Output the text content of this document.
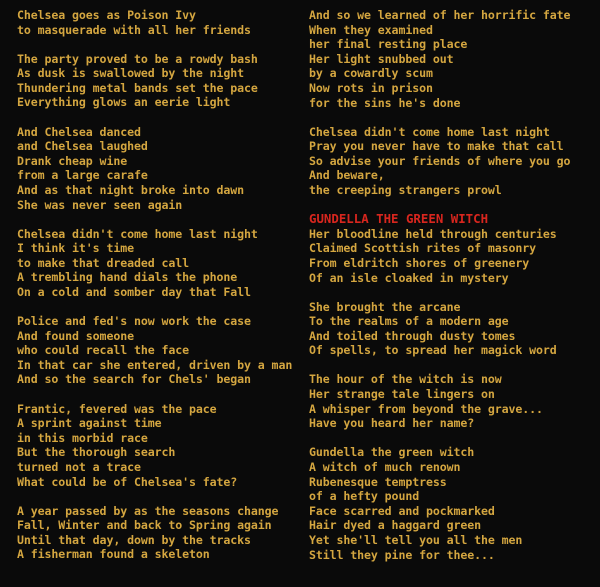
Chelsea goes as Poison Ivy
to masquerade with all her friends
The party proved to be a rowdy bash
As dusk is swallowed by the night
Thundering metal bands set the pace
Everything glows an eerie light
And Chelsea danced
and Chelsea laughed
Drank cheap wine
from a large carafe
And as that night broke into dawn
She was never seen again
Chelsea didn't come home last night
I think it's time
to make that dreaded call
A trembling hand dials the phone
On a cold and somber day that Fall
Police and fed's now work the case
And found someone
who could recall the face
In that car she entered, driven by a man
And so the search for Chels' began
Frantic, fevered was the pace
A sprint against time
in this morbid race
But the thorough search
turned not a trace
What could be of Chelsea's fate?
A year passed by as the seasons change
Fall, Winter and back to Spring again
Until that day, down by the tracks
A fisherman found a skeleton
And so we learned of her horrific fate
When they examined
her final resting place
Her light snubbed out
by a cowardly scum
Now rots in prison
for the sins he's done
Chelsea didn't come home last night
Pray you never have to make that call
So advise your friends of where you go
And beware,
the creeping strangers prowl
GUNDELLA THE GREEN WITCH
Her bloodline held through centuries
Claimed Scottish rites of masonry
From eldritch shores of greenery
Of an isle cloaked in mystery
She brought the arcane
To the realms of a modern age
And toiled through dusty tomes
Of spells, to spread her magick word
The hour of the witch is now
Her strange tale lingers on
A whisper from beyond the grave...
Have you heard her name?
Gundella the green witch
A witch of much renown
Rubenesque temptress
of a hefty pound
Face scarred and pockmarked
Hair dyed a haggard green
Yet she'll tell you all the men
Still they pine for thee...
